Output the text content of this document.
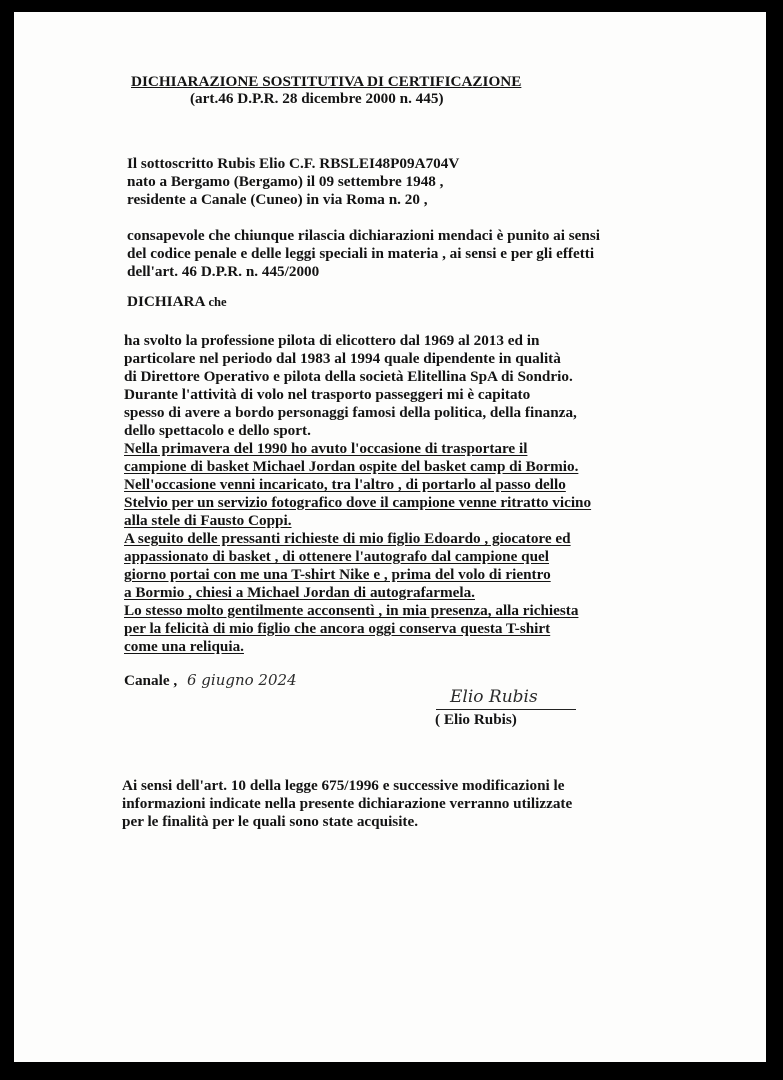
DICHIARAZIONE SOSTITUTIVA DI CERTIFICAZIONE
(art.46 D.P.R. 28 dicembre 2000 n. 445)
Il sottoscritto Rubis Elio C.F. RBSLEI48P09A704V
nato a Bergamo (Bergamo) il 09 settembre 1948 ,
residente a Canale (Cuneo) in via Roma n. 20 ,
consapevole che chiunque rilascia dichiarazioni mendaci è punito ai sensi
del codice penale e delle leggi speciali in materia , ai sensi e per gli effetti
dell'art. 46 D.P.R. n. 445/2000
DICHIARA che
ha svolto la professione pilota di elicottero dal 1969 al 2013 ed in
particolare nel periodo dal 1983 al 1994 quale dipendente in qualità
di Direttore Operativo e pilota della società Elitellina SpA di Sondrio.
Durante l'attività di volo nel trasporto passeggeri mi è capitato
spesso di avere a bordo personaggi famosi della politica, della finanza,
dello spettacolo e dello sport.
Nella primavera del 1990 ho avuto l'occasione di trasportare il
campione di basket Michael Jordan ospite del basket camp di Bormio.
Nell'occasione venni incaricato, tra l'altro , di portarlo al passo dello
Stelvio per un servizio fotografico dove il campione venne ritratto vicino
alla stele di Fausto Coppi.
A seguito delle pressanti richieste di mio figlio Edoardo , giocatore ed
appassionato di basket , di ottenere l'autografo dal campione quel
giorno portai con me una T-shirt Nike e , prima del volo di rientro
a Bormio , chiesi a Michael Jordan di autografarmela.
Lo stesso molto gentilmente acconsentì , in mia presenza, alla richiesta
per la felicità di mio figlio che ancora oggi conserva questa T-shirt
come una reliquia.
Canale , 6 giugno 2024
Elio Rubis
( Elio Rubis)
Ai sensi dell'art. 10 della legge 675/1996 e successive modificazioni le
informazioni indicate nella presente dichiarazione verranno utilizzate
per le finalità per le quali sono state acquisite.
